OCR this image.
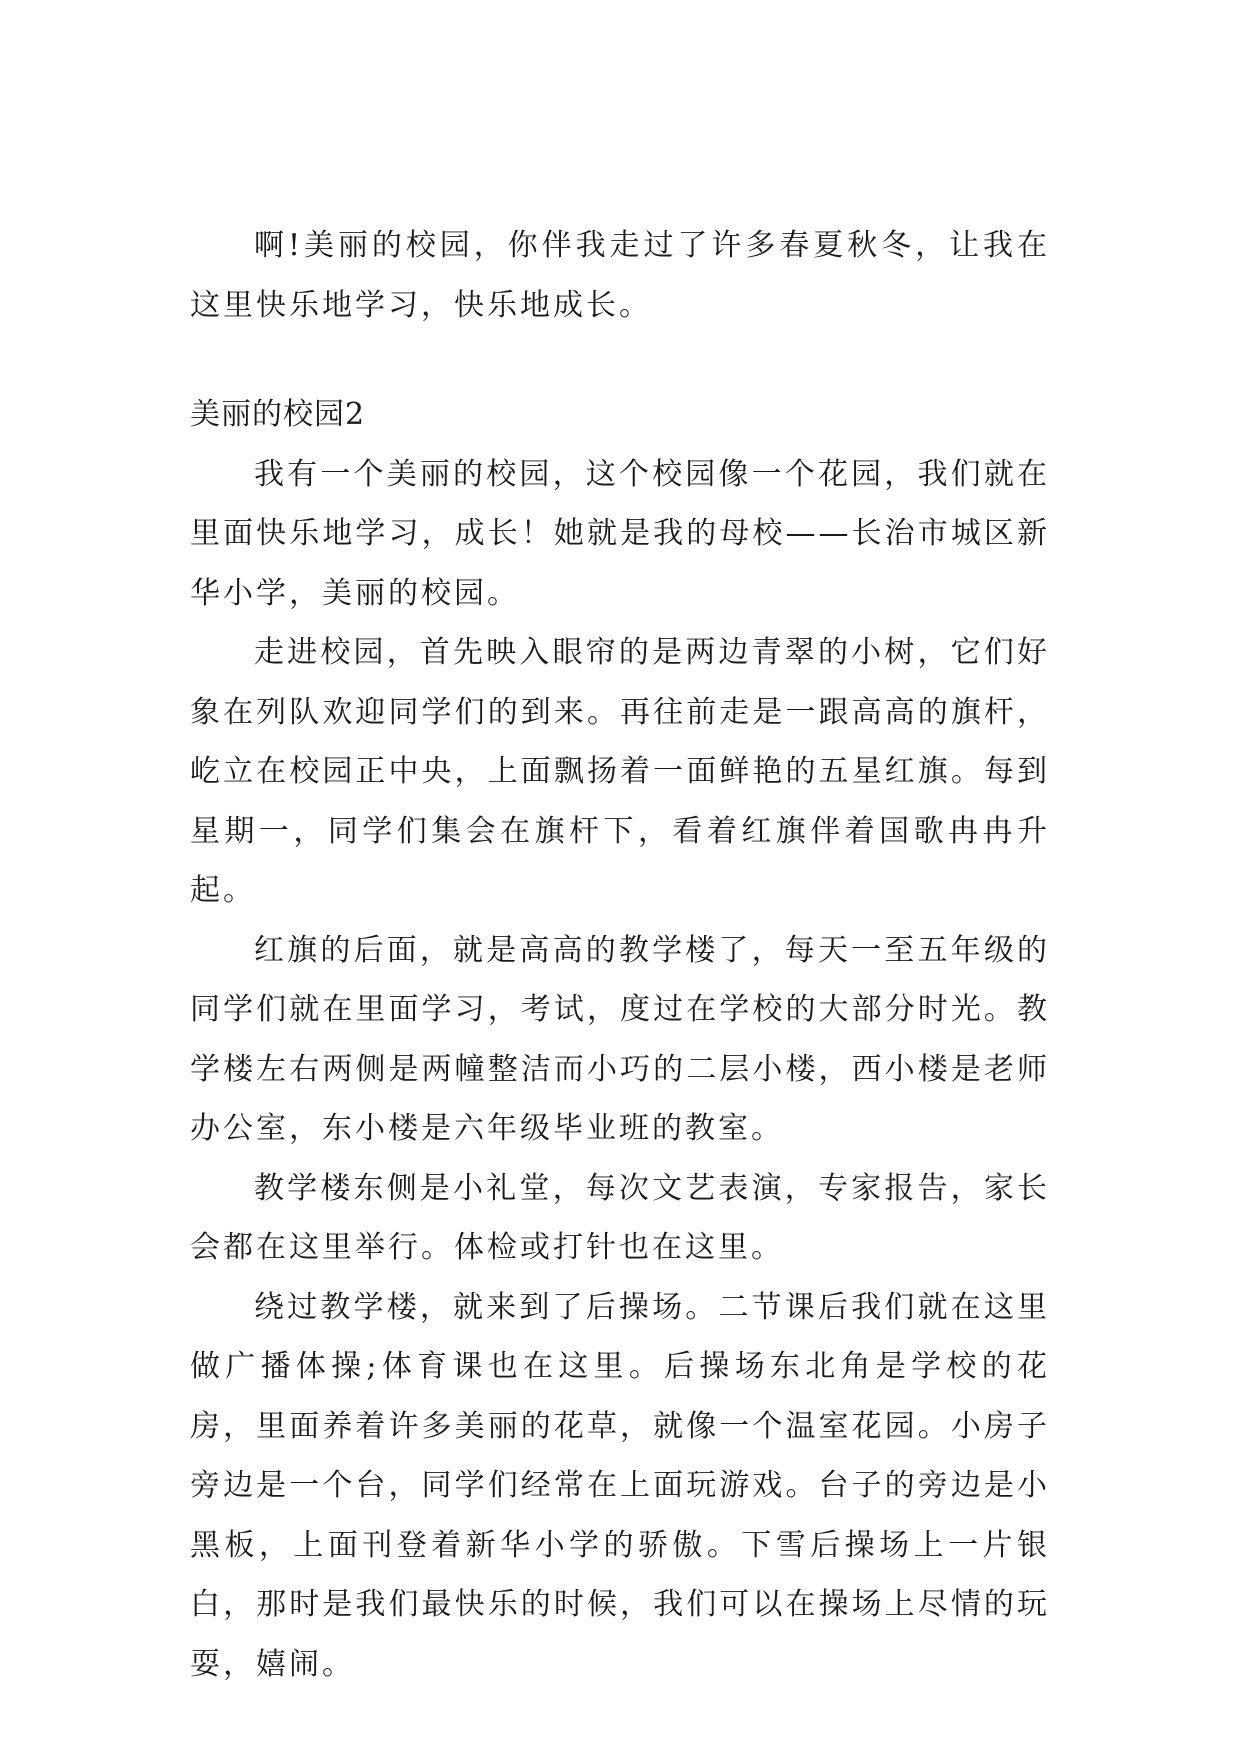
啊!美丽的校园，你伴我走过了许多春夏秋冬，让我在这里快乐地学习，快乐地成长。

美丽的校园2

我有一个美丽的校园，这个校园像一个花园，我们就在里面快乐地学习，成长！她就是我的母校——长治市城区新华小学，美丽的校园。

走进校园，首先映入眼帘的是两边青翠的小树，它们好象在列队欢迎同学们的到来。再往前走是一跟高高的旗杆，屹立在校园正中央，上面飘扬着一面鲜艳的五星红旗。每到星期一，同学们集会在旗杆下，看着红旗伴着国歌冉冉升起。

红旗的后面，就是高高的教学楼了，每天一至五年级的同学们就在里面学习，考试，度过在学校的大部分时光。教学楼左右两侧是两幢整洁而小巧的二层小楼，西小楼是老师办公室，东小楼是六年级毕业班的教室。

教学楼东侧是小礼堂，每次文艺表演，专家报告，家长会都在这里举行。体检或打针也在这里。

绕过教学楼，就来到了后操场。二节课后我们就在这里做广播体操;体育课也在这里。后操场东北角是学校的花房，里面养着许多美丽的花草，就像一个温室花园。小房子旁边是一个台，同学们经常在上面玩游戏。台子的旁边是小黑板，上面刊登着新华小学的骄傲。下雪后操场上一片银白，那时是我们最快乐的时候，我们可以在操场上尽情的玩耍，嬉闹。
